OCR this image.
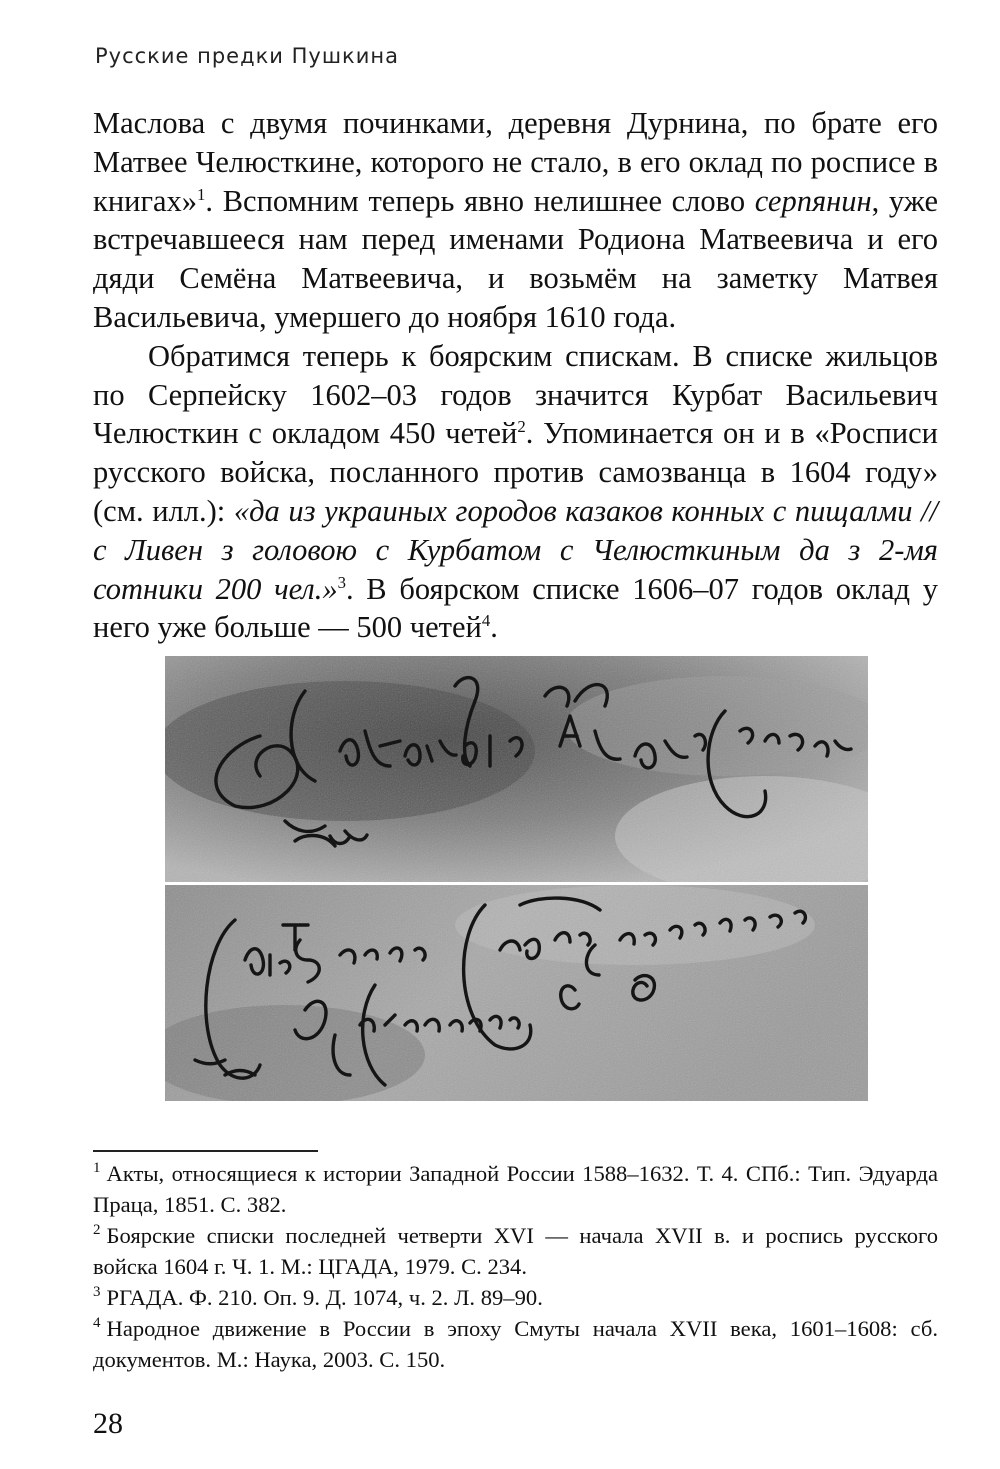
Русские предки Пушкина

Маслова с двумя починками, деревня Дурнина, по брате его Матвее Челюсткине, которого не стало, в его оклад по росписе в книгах»$^1$. Вспомним теперь явно нелишнее слово серпянин, уже встречавшееся нам перед именами Родиона Матвеевича и его дяди Семёна Матвеевича, и возьмём на заметку Матвея Васильевича, умершего до ноября 1610 года.

Обратимся теперь к боярским спискам. В списке жильцов по Серпейску 1602–03 годов значится Курбат Васильевич Челюсткин с окладом 450 четей$^2$. Упоминается он и в «Росписи русского войска, посланного против самозванца в 1604 году» (см. илл.): «да из украиных городов казаков конных с пищалми // с Ливен з головою с Курбатом с Челюсткиным да з 2-мя сотники 200 чел.»$^3$. В боярском списке 1606–07 годов оклад у него уже больше — 500 четей$^4$.

$^1$ Акты, относящиеся к истории Западной России 1588–1632. Т. 4. СПб.: Тип. Эдуарда Праца, 1851. С. 382.

$^2$ Боярские списки последней четверти XVI — начала XVII в. и роспись русского войска 1604 г. Ч. 1. М.: ЦГАДА, 1979. С. 234.

$^3$ РГАДА. Ф. 210. Оп. 9. Д. 1074, ч. 2. Л. 89–90.

$^4$ Народное движение в России в эпоху Смуты начала XVII века, 1601–1608: сб. документов. М.: Наука, 2003. С. 150.

28
